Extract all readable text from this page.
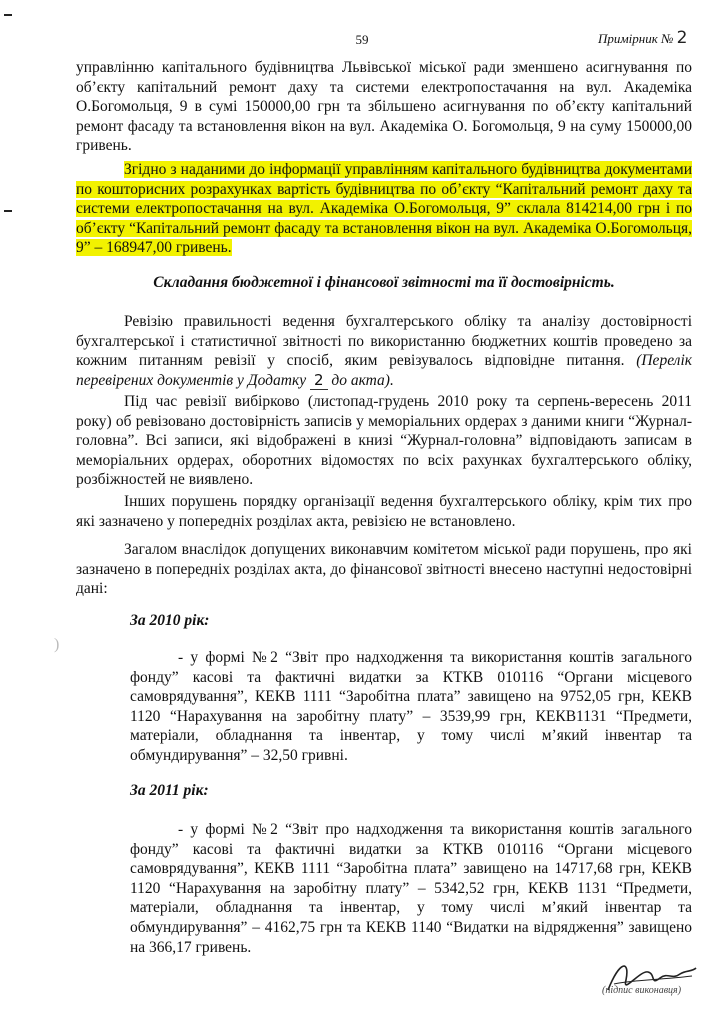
59	Примірник № 2
управлінню капітального будівництва Львівської міської ради зменшено асигнування по об’єкту капітальний ремонт даху та системи електропостачання на вул. Академіка О.Богомольця, 9 в сумі 150000,00 грн та збільшено асигнування по об’єкту капітальний ремонт фасаду та встановлення вікон на вул. Академіка О. Богомольця, 9 на суму 150000,00 гривень.
Згідно з наданими до інформації управлінням капітального будівництва документами по кошторисних розрахунках вартість будівництва по об’єкту “Капітальний ремонт даху та системи електропостачання на вул. Академіка О.Богомольця, 9” склала 814214,00 грн і по об’єкту “Капітальний ремонт фасаду та встановлення вікон на вул. Академіка О.Богомольця, 9” – 168947,00 гривень.
Складання бюджетної і фінансової звітності та її достовірність.
Ревізію правильності ведення бухгалтерського обліку та аналізу достовірності бухгалтерської і статистичної звітності по використанню бюджетних коштів проведено за кожним питанням ревізії у спосіб, яким ревізувалось відповідне питання. (Перелік перевірених документів у Додатку 2 до акта).
Під час ревізії вибірково (листопад-грудень 2010 року та серпень-вересень 2011 року) об ревізовано достовірність записів у меморіальних ордерах з даними книги “Журнал-головна”. Всі записи, які відображені в книзі “Журнал-головна” відповідають записам в меморіальних ордерах, оборотних відомостях по всіх рахунках бухгалтерського обліку, розбіжностей не виявлено.
Інших порушень порядку організації ведення бухгалтерського обліку, крім тих про які зазначено у попередніх розділах акта, ревізією не встановлено.
Загалом внаслідок допущених виконавчим комітетом міської ради порушень, про які зазначено в попередніх розділах акта, до фінансової звітності внесено наступні недостовірні дані:
)
За 2010 рік:
- у формі №2 “Звіт про надходження та використання коштів загального фонду” касові та фактичні видатки за КТКВ 010116 “Органи місцевого самоврядування”, КЕКВ 1111 “Заробітна плата” завищено на 9752,05 грн, КЕКВ 1120 “Нарахування на заробітну плату” – 3539,99 грн, КЕКВ1131 “Предмети, матеріали, обладнання та інвентар, у тому числі м’який інвентар та обмундирування” – 32,50 гривні.
За 2011 рік:
- у формі №2 “Звіт про надходження та використання коштів загального фонду” касові та фактичні видатки за КТКВ 010116 “Органи місцевого самоврядування”, КЕКВ 1111 “Заробітна плата” завищено на 14717,68 грн, КЕКВ 1120 “Нарахування на заробітну плату” – 5342,52 грн, КЕКВ 1131 “Предмети, матеріали, обладнання та інвентар, у тому числі м’який інвентар та обмундирування” – 4162,75 грн та КЕКВ 1140 “Видатки на відрядження” завищено на 366,17 гривень.
(підпис виконавця)
